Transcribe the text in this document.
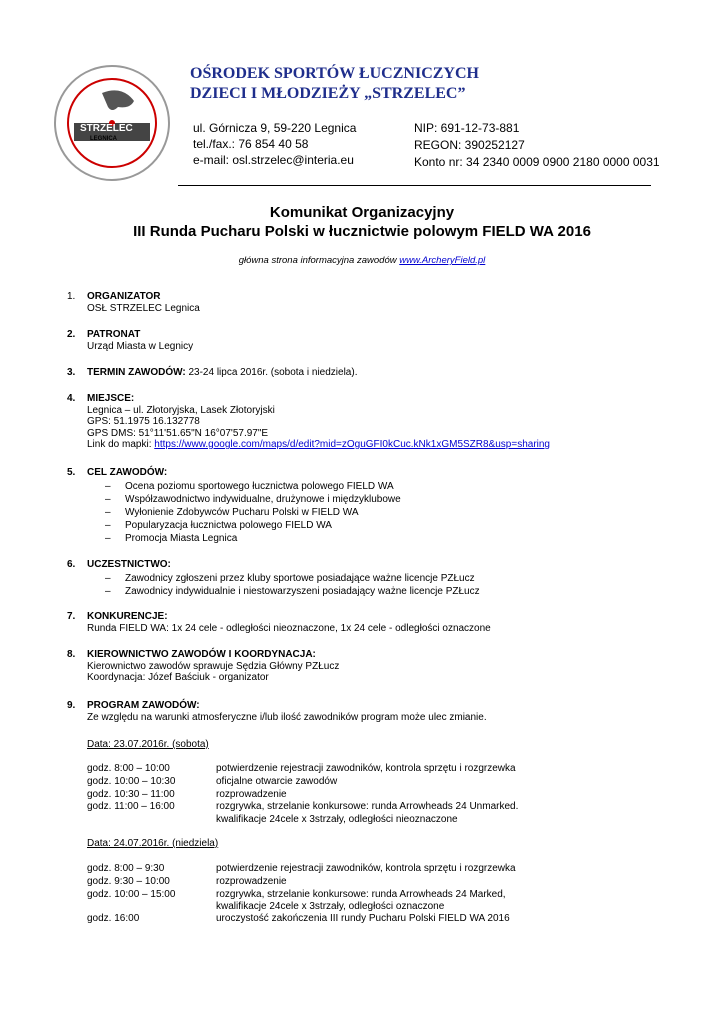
STRZELEC
LEGNICA
OŚRODEK SPORTÓW ŁUCZNICZYCH
DZIECI I MŁODZIEŻY „STRZELEC”
ul. Górnicza 9, 59-220 Legnica
tel./fax.: 76 854 40 58
e-mail: osl.strzelec@interia.eu
NIP: 691-12-73-881
REGON: 390252127
Konto nr: 34 2340 0009 0900 2180 0000 0031
Komunikat Organizacyjny
III Runda Pucharu Polski w łucznictwie polowym FIELD WA 2016
główna strona informacyjna zawodów www.ArcheryField.pl
1. ORGANIZATOR
OSŁ STRZELEC Legnica
2. PATRONAT
Urząd Miasta w Legnicy
3. TERMIN ZAWODÓW: 23-24 lipca 2016r. (sobota i niedziela).
4. MIEJSCE:
Legnica – ul. Złotoryjska, Lasek Złotoryjski
GPS: 51.1975 16.132778
GPS DMS: 51°11'51.65"N 16°07'57.97"E
Link do mapki: https://www.google.com/maps/d/edit?mid=zOguGFI0kCuc.kNk1xGM5SZR8&usp=sharing
5. CEL ZAWODÓW:
– Ocena poziomu sportowego łucznictwa polowego FIELD WA
– Współzawodnictwo indywidualne, drużynowe i międzyklubowe
– Wyłonienie Zdobywców Pucharu Polski w FIELD WA
– Popularyzacja łucznictwa polowego FIELD WA
– Promocja Miasta Legnica
6. UCZESTNICTWO:
– Zawodnicy zgłoszeni przez kluby sportowe posiadające ważne licencje PZŁucz
– Zawodnicy indywidualnie i niestowarzyszeni posiadający ważne licencje PZŁucz
7. KONKURENCJE:
Runda FIELD WA: 1x 24 cele - odległości nieoznaczone, 1x 24 cele - odległości oznaczone
8. KIEROWNICTWO ZAWODÓW I KOORDYNACJA:
Kierownictwo zawodów sprawuje Sędzia Główny PZŁucz
Koordynacja: Józef Baściuk - organizator
9. PROGRAM ZAWODÓW:
Ze względu na warunki atmosferyczne i/lub ilość zawodników program może ulec zmianie.
Data: 23.07.2016r. (sobota)
godz. 8:00 – 10:00	potwierdzenie rejestracji zawodników, kontrola sprzętu i rozgrzewka
godz. 10:00 – 10:30	oficjalne otwarcie zawodów
godz. 10:30 – 11:00	rozprowadzenie
godz. 11:00 – 16:00	rozgrywka, strzelanie konkursowe: runda Arrowheads 24 Unmarked.
kwalifikacje 24cele x 3strzały, odległości nieoznaczone
Data: 24.07.2016r. (niedziela)
godz. 8:00 – 9:30	potwierdzenie rejestracji zawodników, kontrola sprzętu i rozgrzewka
godz. 9:30 – 10:00	rozprowadzenie
godz. 10:00 – 15:00	rozgrywka, strzelanie konkursowe: runda Arrowheads 24 Marked,
kwalifikacje 24cele x 3strzały, odległości oznaczone
godz. 16:00	uroczystość zakończenia III rundy Pucharu Polski FIELD WA 2016
